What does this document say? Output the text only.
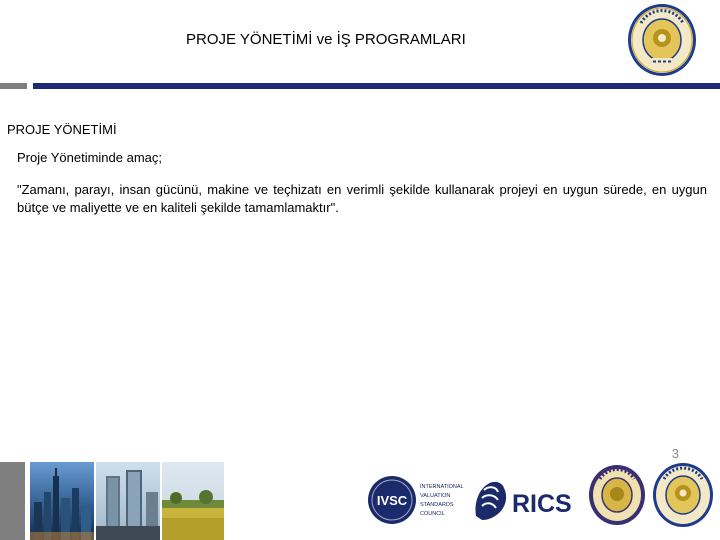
PROJE YÖNETİMİ ve İŞ PROGRAMLARI
PROJE YÖNETİMİ
Proje Yönetiminde amaç;
"Zamanı, parayı, insan gücünü, makine ve teçhizatı en verimli şekilde kullanarak projeyi en uygun sürede, en uygun bütçe ve maliyette ve en kaliteli şekilde tamamlamaktır".
3
IVSC
INTERNATIONAL
VALUATION
STANDARDS
COUNCIL	RICS
